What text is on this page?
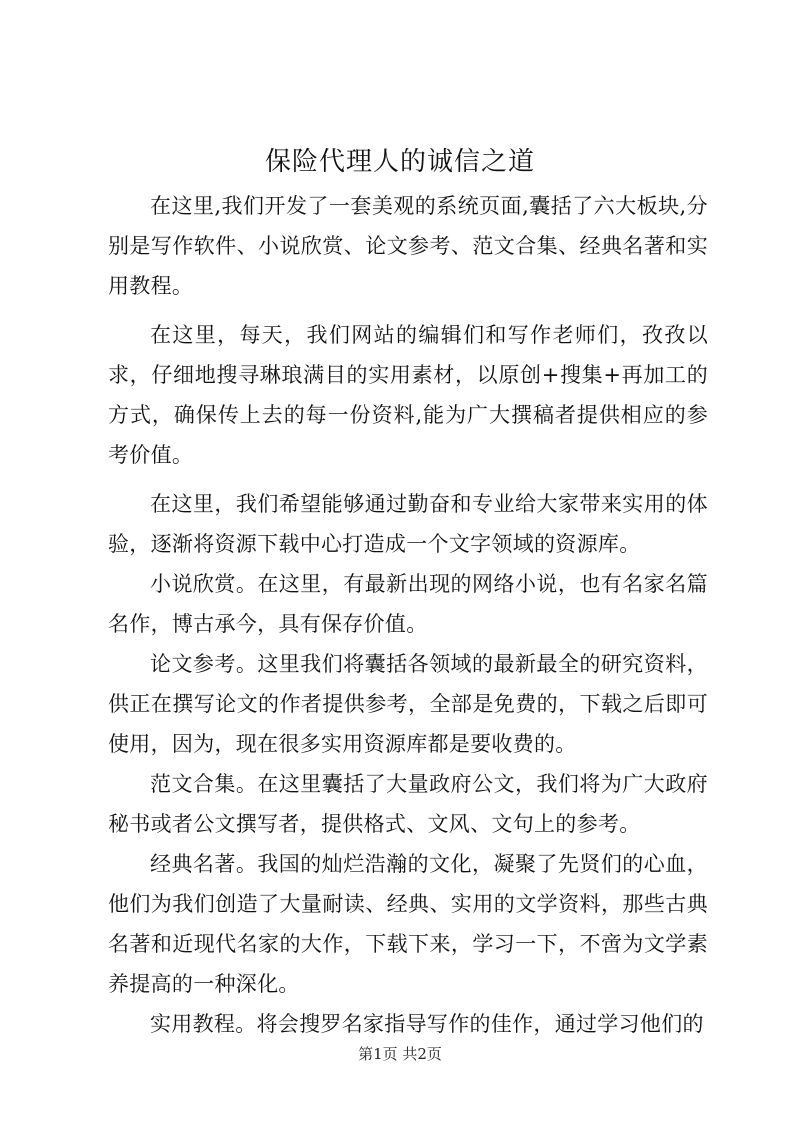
保险代理人的诚信之道

在这里,我们开发了一套美观的系统页面,囊括了六大板块,分别是写作软件、小说欣赏、论文参考、范文合集、经典名著和实用教程。

在这里，每天，我们网站的编辑们和写作老师们，孜孜以求，仔细地搜寻琳琅满目的实用素材，以原创+搜集+再加工的方式，确保传上去的每一份资料,能为广大撰稿者提供相应的参考价值。

在这里，我们希望能够通过勤奋和专业给大家带来实用的体验，逐渐将资源下载中心打造成一个文字领域的资源库。

小说欣赏。在这里，有最新出现的网络小说，也有名家名篇名作，博古承今，具有保存价值。

论文参考。这里我们将囊括各领域的最新最全的研究资料，供正在撰写论文的作者提供参考，全部是免费的，下载之后即可使用，因为，现在很多实用资源库都是要收费的。

范文合集。在这里囊括了大量政府公文，我们将为广大政府秘书或者公文撰写者，提供格式、文风、文句上的参考。

经典名著。我国的灿烂浩瀚的文化，凝聚了先贤们的心血，他们为我们创造了大量耐读、经典、实用的文学资料，那些古典名著和近现代名家的大作，下载下来，学习一下，不啻为文学素养提高的一种深化。

实用教程。将会搜罗名家指导写作的佳作，通过学习他们的

第1页 共2页
